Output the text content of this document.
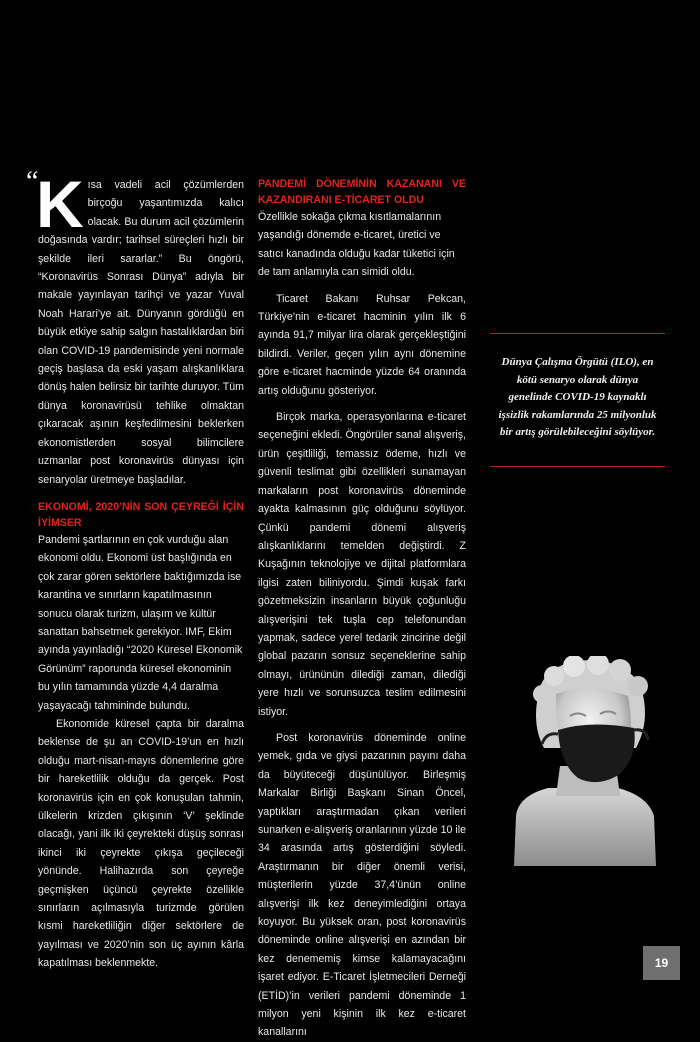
“

Kısa vadeli acil çözümlerden birçoğu yaşantımızda kalıcı olacak. Bu durum acil çözümlerin doğasında vardır; tarihsel süreçleri hızlı bir şekilde ileri sararlar.” Bu öngörü, “Koronavirüs Sonrası Dünya” adıyla bir makale yayınlayan tarihçi ve yazar Yuval Noah Harari’ye ait. Dünyanın gördüğü en büyük etkiye sahip salgın hastalıklardan biri olan COVID-19 pandemisinde yeni normale geçiş başlasa da eski yaşam alışkanlıklara dönüş halen belirsiz bir tarihte duruyor. Tüm dünya koronavirüsü tehlike olmaktan çıkaracak aşının keşfedilmesini beklerken ekonomistlerden sosyal bilimcilere uzmanlar post koronavirüs dünyası için senaryolar üretmeye başladılar.

EKONOMİ, 2020’NİN SON ÇEYREĞİ İÇİN İYİMSER

Pandemi şartlarının en çok vurduğu alan ekonomi oldu. Ekonomi üst başlığında en çok zarar gören sektörlere baktığımızda ise karantina ve sınırların kapatılmasının sonucu olarak turizm, ulaşım ve kültür sanattan bahsetmek gerekiyor. IMF, Ekim ayında yayınladığı “2020 Küresel Ekonomik Görünüm” raporunda küresel ekonominin bu yılın tamamında yüzde 4,4 daralma yaşayacağı tahmininde bulundu.

Ekonomide küresel çapta bir daralma beklense de şu an COVID-19’un en hızlı olduğu mart-nisan-mayıs dönemlerine göre bir hareketlilik olduğu da gerçek. Post koronavirüs için en çok konuşulan tahmin, ülkelerin krizden çıkışının ‘V’ şeklinde olacağı, yani ilk iki çeyrekteki düşüş sonrası ikinci iki çeyrekte çıkışa geçileceği yönünde. Halihazırda son çeyreğe geçmişken üçüncü çeyrekte özellikle sınırların açılmasıyla turizmde görülen kısmi hareketliliğin diğer sektörlere de yayılması ve 2020’nin son üç ayının kârla kapatılması beklenmekte.

PANDEMİ DÖNEMİNİN KAZANANI VE KAZANDIRANI E-TİCARET OLDU

Özellikle sokağa çıkma kısıtlamalarının yaşandığı dönemde e-ticaret, üretici ve satıcı kanadında olduğu kadar tüketici için de tam anlamıyla can simidi oldu.

Ticaret Bakanı Ruhsar Pekcan, Türkiye’nin e-ticaret hacminin yılın ilk 6 ayında 91,7 milyar lira olarak gerçekleştiğini bildirdi. Veriler, geçen yılın aynı dönemine göre e-ticaret hacminde yüzde 64 oranında artış olduğunu gösteriyor.

Birçok marka, operasyonlarına e-ticaret seçeneğini ekledi. Öngörüler sanal alışveriş, ürün çeşitliliği, temassız ödeme, hızlı ve güvenli teslimat gibi özellikleri sunamayan markaların post koronavirüs döneminde ayakta kalmasının güç olduğunu söylüyor. Çünkü pandemi dönemi alışveriş alışkanlıklarını temelden değiştirdi. Z Kuşağının teknolojiye ve dijital platformlara ilgisi zaten biliniyordu. Şimdi kuşak farkı gözetmeksizin insanların büyük çoğunluğu alışverişini tek tuşla cep telefonundan yapmak, sadece yerel tedarik zincirine değil global pazarın sonsuz seçeneklerine sahip olmayı, ürününün dilediği zaman, dilediği yere hızlı ve sorunsuzca teslim edilmesini istiyor.

Post koronavirüs döneminde online yemek, gıda ve giysi pazarının payını daha da büyüteceği düşünülüyor. Birleşmiş Markalar Birliği Başkanı Sinan Öncel, yaptıkları araştırmadan çıkan verileri sunarken e-alışveriş oranlarının yüzde 10 ile 34 arasında artış gösterdiğini söyledi. Araştırmanın bir diğer önemli verisi, müşterilerin yüzde 37,4’ünün online alışverişi ilk kez deneyimlediğini ortaya koyuyor. Bu yüksek oran, post koronavirüs döneminde online alışverişi en azından bir kez denememiş kimse kalamayacağını işaret ediyor. E-Ticaret İşletmecileri Derneği (ETİD)’in verileri pandemi döneminde 1 milyon yeni kişinin ilk kez e-ticaret kanallarını

Dünya Çalışma Örgütü (ILO), en kötü senaryo olarak dünya genelinde COVID-19 kaynaklı işsizlik rakamlarında 25 milyonluk bir artış görülebileceğini söylüyor.
19
